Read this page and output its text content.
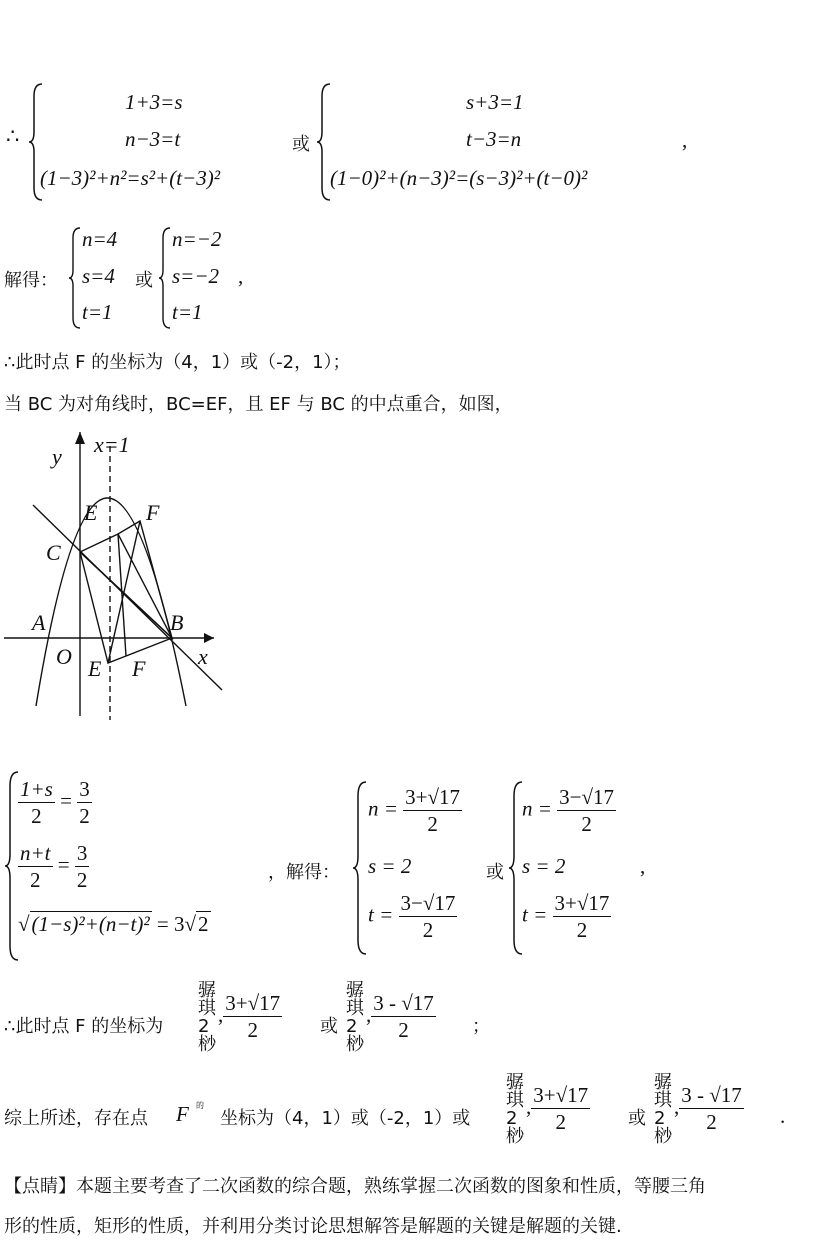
∴
1+3=s
n−3=t
(1−3)²+n²=s²+(t−3)²
或
s+3=1
t−3=n
(1−0)²+(n−3)²=(s−3)²+(t−0)²
,
解得：
n=4
s=4
t=1
或
n=−2
s=−2
t=1
,
∴此时点 F 的坐标为（4，1）或（-2，1）；
当 BC 为对角线时，BC=EF，且 EF 与 BC 的中点重合，如图，
y x=1
E F
C
A	B
O	x
E F
$\frac{1+s}{2} = \frac{3}{2}$
$\frac{n+t}{2} = \frac{3}{2}$
√(1−s)²+(n−t)² = 3√2
，解得：
$n = \frac{3+√17}{2}$
s = 2
$t = \frac{3-√17}{2}$
或
$n = \frac{3-√17}{2}$
s = 2
$t = \frac{3+√17}{2}$
,
∴此时点 F 的坐标为
骣
琪
2
桫
, $\frac{3+√17}{2}$ 或
骣
琪
2
桫
, $\frac{3 - √17}{2}$ ；
综上所述，存在点 F 的
坐标为（4，1）或（-2，1）或
骣
琪
2
桫
, $\frac{3+√17}{2}$ 或
骣
琪
2
桫
, $\frac{3 - √17}{2}$ .
【点睛】本题主要考查了二次函数的综合题，熟练掌握二次函数的图象和性质，等腰三角
形的性质，矩形的性质，并利用分类讨论思想解答是解题的关键是解题的关键.
